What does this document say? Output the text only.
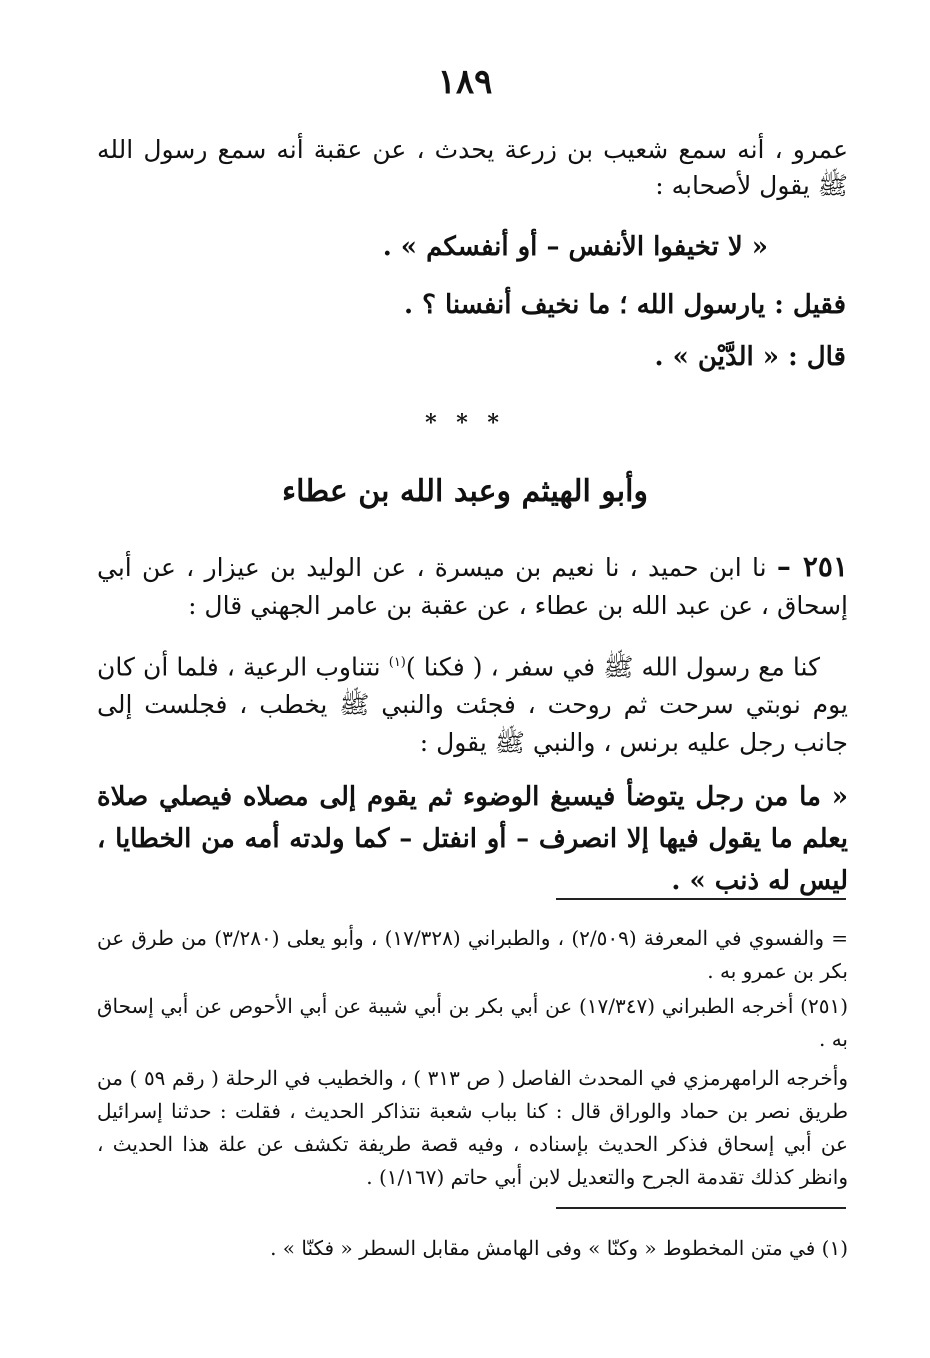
١٨٩
عمرو ، أنه سمع شعيب بن زرعة يحدث ، عن عقبة أنه سمع رسول الله ﷺ يقول لأصحابه :
« لا تخيفوا الأنفس – أو أنفسكم » .
فقيل : يارسول الله ؛ ما نخيف أنفسنا ؟ .
قال : « الدَّيْن » .
* * *
وأبو الهيثم وعبد الله بن عطاء
٢٥١ – نا ابن حميد ، نا نعيم بن ميسرة ، عن الوليد بن عيزار ، عن أبي إسحاق ، عن عبد الله بن عطاء ، عن عقبة بن عامر الجهني قال :
كنا مع رسول الله ﷺ في سفر ، ( فكنا )$^{(١)}$ نتناوب الرعية ، فلما أن كان يوم نوبتي سرحت ثم روحت ، فجئت والنبي ﷺ يخطب ، فجلست إلى جانب رجل عليه برنس ، والنبي ﷺ يقول :
« ما من رجل يتوضأ فيسبغ الوضوء ثم يقوم إلى مصلاه فيصلي صلاة يعلم ما يقول فيها إلا انصرف – أو انفتل – كما ولدته أمه من الخطايا ، ليس له ذنب » .
= والفسوي في المعرفة (٢/٥٠٩) ، والطبراني (١٧/٣٢٨) ، وأبو يعلى (٣/٢٨٠) من طرق عن بكر بن عمرو به .
(٢٥١) أخرجه الطبراني (١٧/٣٤٧) عن أبي بكر بن أبي شيبة عن أبي الأحوص عن أبي إسحاق به .
وأخرجه الرامهرمزي في المحدث الفاصل ( ص ٣١٣ ) ، والخطيب في الرحلة ( رقم ٥٩ ) من طريق نصر بن حماد والوراق قال : كنا بباب شعبة نتذاكر الحديث ، فقلت : حدثنا إسرائيل عن أبي إسحاق فذكر الحديث بإسناده ، وفيه قصة طريفة تكشف عن علة هذا الحديث ، وانظر كذلك تقدمة الجرح والتعديل لابن أبي حاتم (١/١٦٧) .
(١) في متن المخطوط « وكنّا » وفى الهامش مقابل السطر « فكنّا » .
